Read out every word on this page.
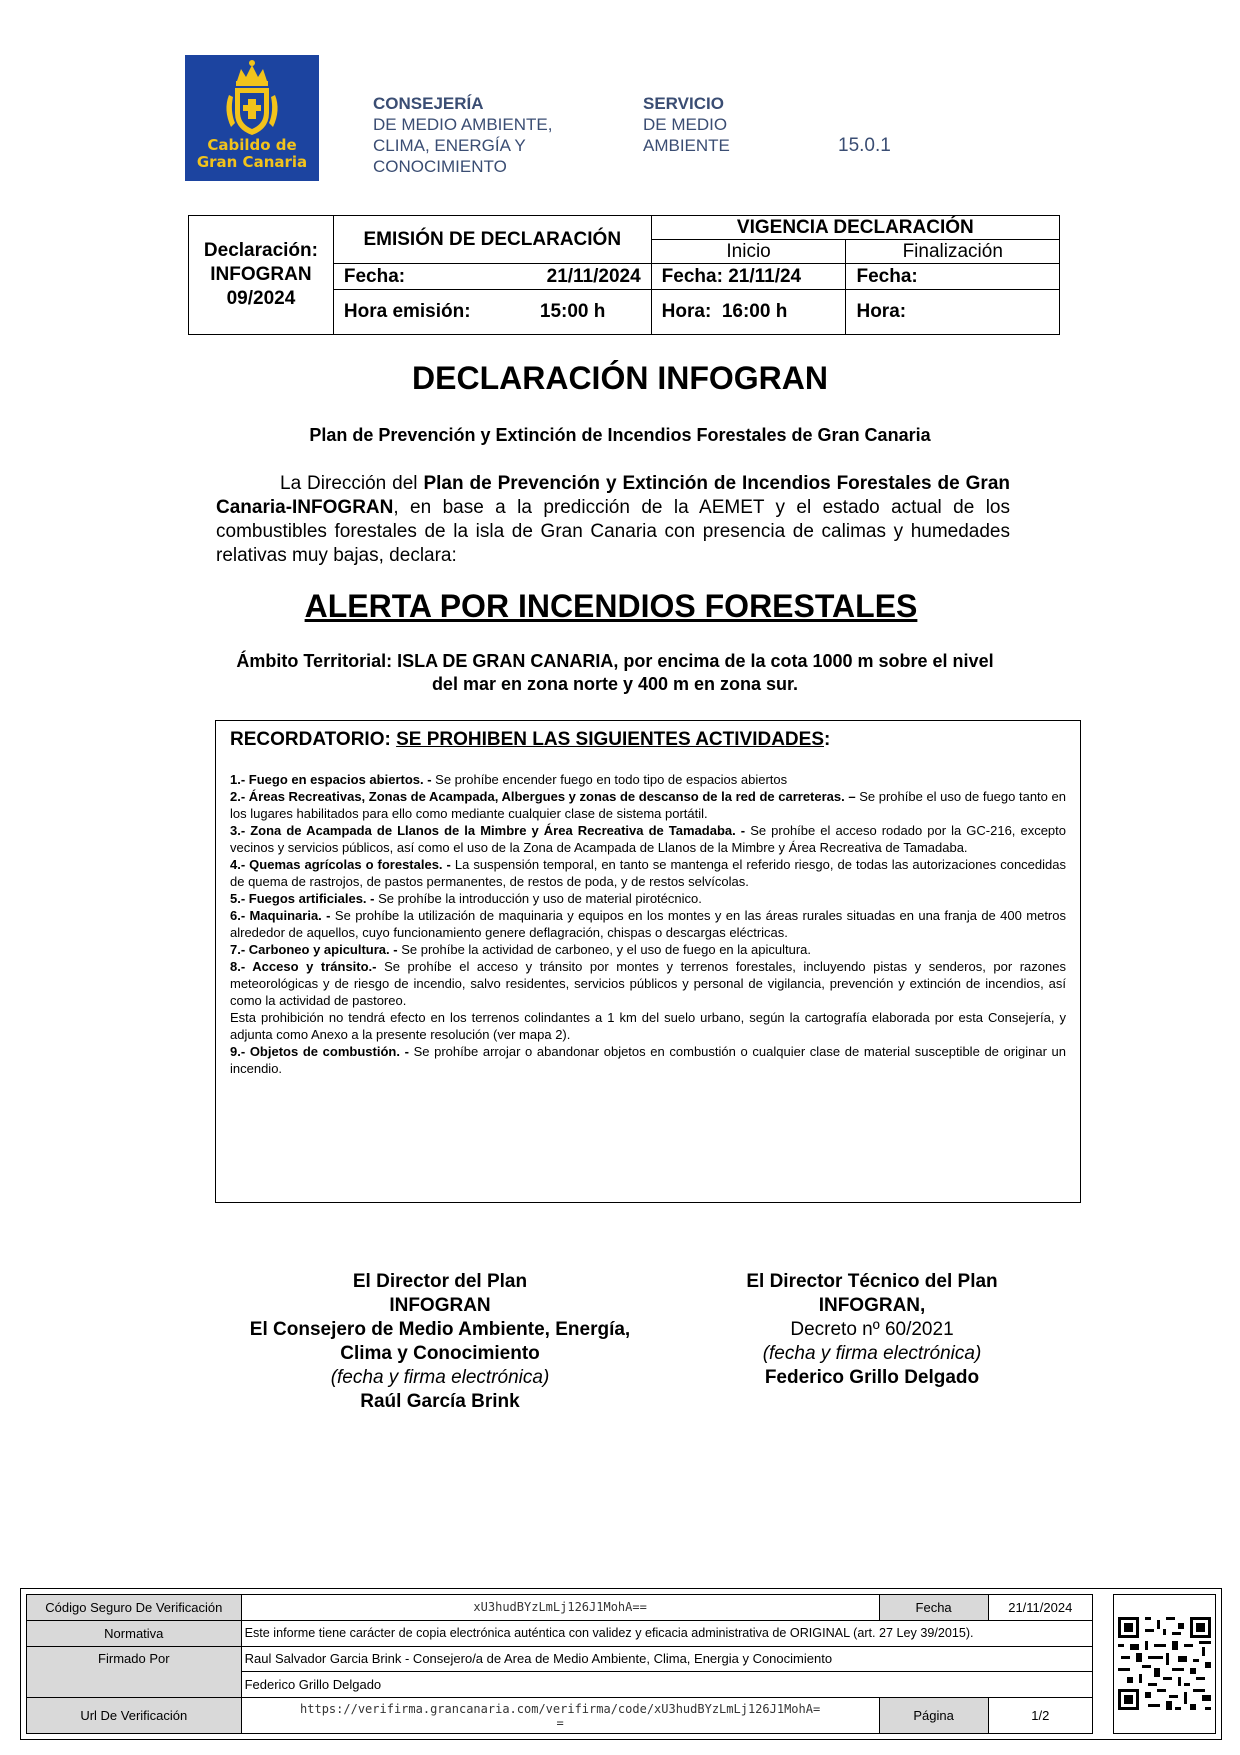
Cabildo de
Gran Canaria
CONSEJERÍA
DE MEDIO AMBIENTE,
CLIMA, ENERGÍA Y
CONOCIMIENTO
SERVICIO
DE MEDIO
AMBIENTE	15.0.1
Declaración:
INFOGRAN
09/2024	EMISIÓN DE DECLARACIÓN	VIGENCIA DECLARACIÓN	
		Inicio	Finalización

	Fecha: 21/11/2024	Fecha: 21/11/24	Fecha:

	Hora emisión: 15:00 h	Hora:  16:00 h	Hora:
DECLARACIÓN INFOGRAN
Plan de Prevención y Extinción de Incendios Forestales de Gran Canaria
La Dirección del Plan de Prevención y Extinción de Incendios Forestales de Gran Canaria-INFOGRAN, en base a la predicción de la AEMET y el estado actual de los combustibles forestales de la isla de Gran Canaria con presencia de calimas y humedades relativas muy bajas, declara:
ALERTA POR INCENDIOS FORESTALES
Ámbito Territorial: ISLA DE GRAN CANARIA, por encima de la cota 1000 m sobre el nivel
del mar en zona norte y 400 m en zona sur.
RECORDATORIO: SE PROHIBEN LAS SIGUIENTES ACTIVIDADES:

1.- Fuego en espacios abiertos. - Se prohíbe encender fuego en todo tipo de espacios abiertos

2.- Áreas Recreativas, Zonas de Acampada, Albergues y zonas de descanso de la red de carreteras. – Se prohíbe el uso de fuego tanto en los lugares habilitados para ello como mediante cualquier clase de sistema portátil.

3.- Zona de Acampada de Llanos de la Mimbre y Área Recreativa de Tamadaba. - Se prohíbe el acceso rodado por la GC-216, excepto vecinos y servicios públicos, así como el uso de la Zona de Acampada de Llanos de la Mimbre y Área Recreativa de Tamadaba.

4.- Quemas agrícolas o forestales. - La suspensión temporal, en tanto se mantenga el referido riesgo, de todas las autorizaciones concedidas de quema de rastrojos, de pastos permanentes, de restos de poda, y de restos selvícolas.

5.- Fuegos artificiales. - Se prohíbe la introducción y uso de material pirotécnico.

6.- Maquinaria. - Se prohíbe la utilización de maquinaria y equipos en los montes y en las áreas rurales situadas en una franja de 400 metros alrededor de aquellos, cuyo funcionamiento genere deflagración, chispas o descargas eléctricas.

7.- Carboneo y apicultura. - Se prohíbe la actividad de carboneo, y el uso de fuego en la apicultura.

8.- Acceso y tránsito.- Se prohíbe el acceso y tránsito por montes y terrenos forestales, incluyendo pistas y senderos, por razones meteorológicas y de riesgo de incendio, salvo residentes, servicios públicos y personal de vigilancia, prevención y extinción de incendios, así como la actividad de pastoreo.

Esta prohibición no tendrá efecto en los terrenos colindantes a 1 km del suelo urbano, según la cartografía elaborada por esta Consejería, y adjunta como Anexo a la presente resolución (ver mapa 2).

9.- Objetos de combustión. - Se prohíbe arrojar o abandonar objetos en combustión o cualquier clase de material susceptible de originar un incendio.

El Director del Plan
INFOGRAN
El Consejero de Medio Ambiente, Energía,
Clima y Conocimiento
(fecha y firma electrónica)
Raúl García Brink
El Director Técnico del Plan
INFOGRAN,
Decreto nº 60/2021
(fecha y firma electrónica)
Federico Grillo Delgado
Código Seguro De Verificación	xU3hudBYzLmLj126J1MohA==	Fecha	21/11/2024
Normativa	Este informe tiene carácter de copia electrónica auténtica con validez y eficacia administrativa de ORIGINAL (art. 27 Ley 39/2015).		
Firmado Por	Raul Salvador Garcia Brink - Consejero/a de Area de Medio Ambiente, Clima, Energia y Conocimiento		
	Federico Grillo Delgado		
Url De Verificación	https://verifirma.grancanaria.com/verifirma/code/xU3hudBYzLmLj126J1MohA=
=	Página	1/2
